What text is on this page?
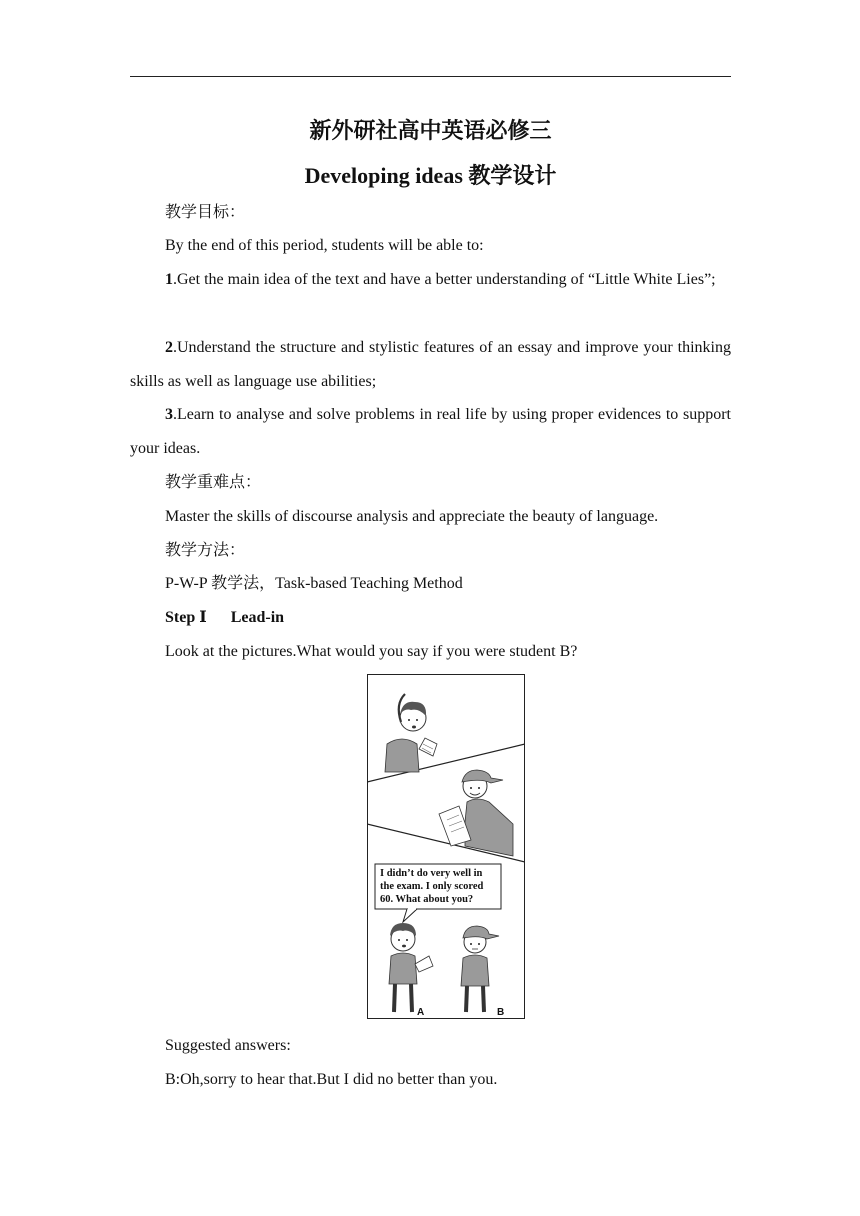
新外研社高中英语必修三
Developing ideas 教学设计
教学目标：
By the end of this period, students will be able to:
1.Get the main idea of the text and have a better understanding of “Little White Lies”;
2.Understand the structure and stylistic features of an essay and improve your thinking skills as well as language use abilities;
3.Learn to analyse and solve problems in real life by using proper evidences to support your ideas.
教学重难点：
Master the skills of discourse analysis and appreciate the beauty of language.
教学方法：
P-W-P 教学法，Task-based Teaching Method
Step Ⅰ Lead-in
Look at the pictures.What would you say if you were student B?
I didn’t do very well in
the exam. I only scored
60. What about you?
A	B
Suggested answers:
B:Oh,sorry to hear that.But I did no better than you.
